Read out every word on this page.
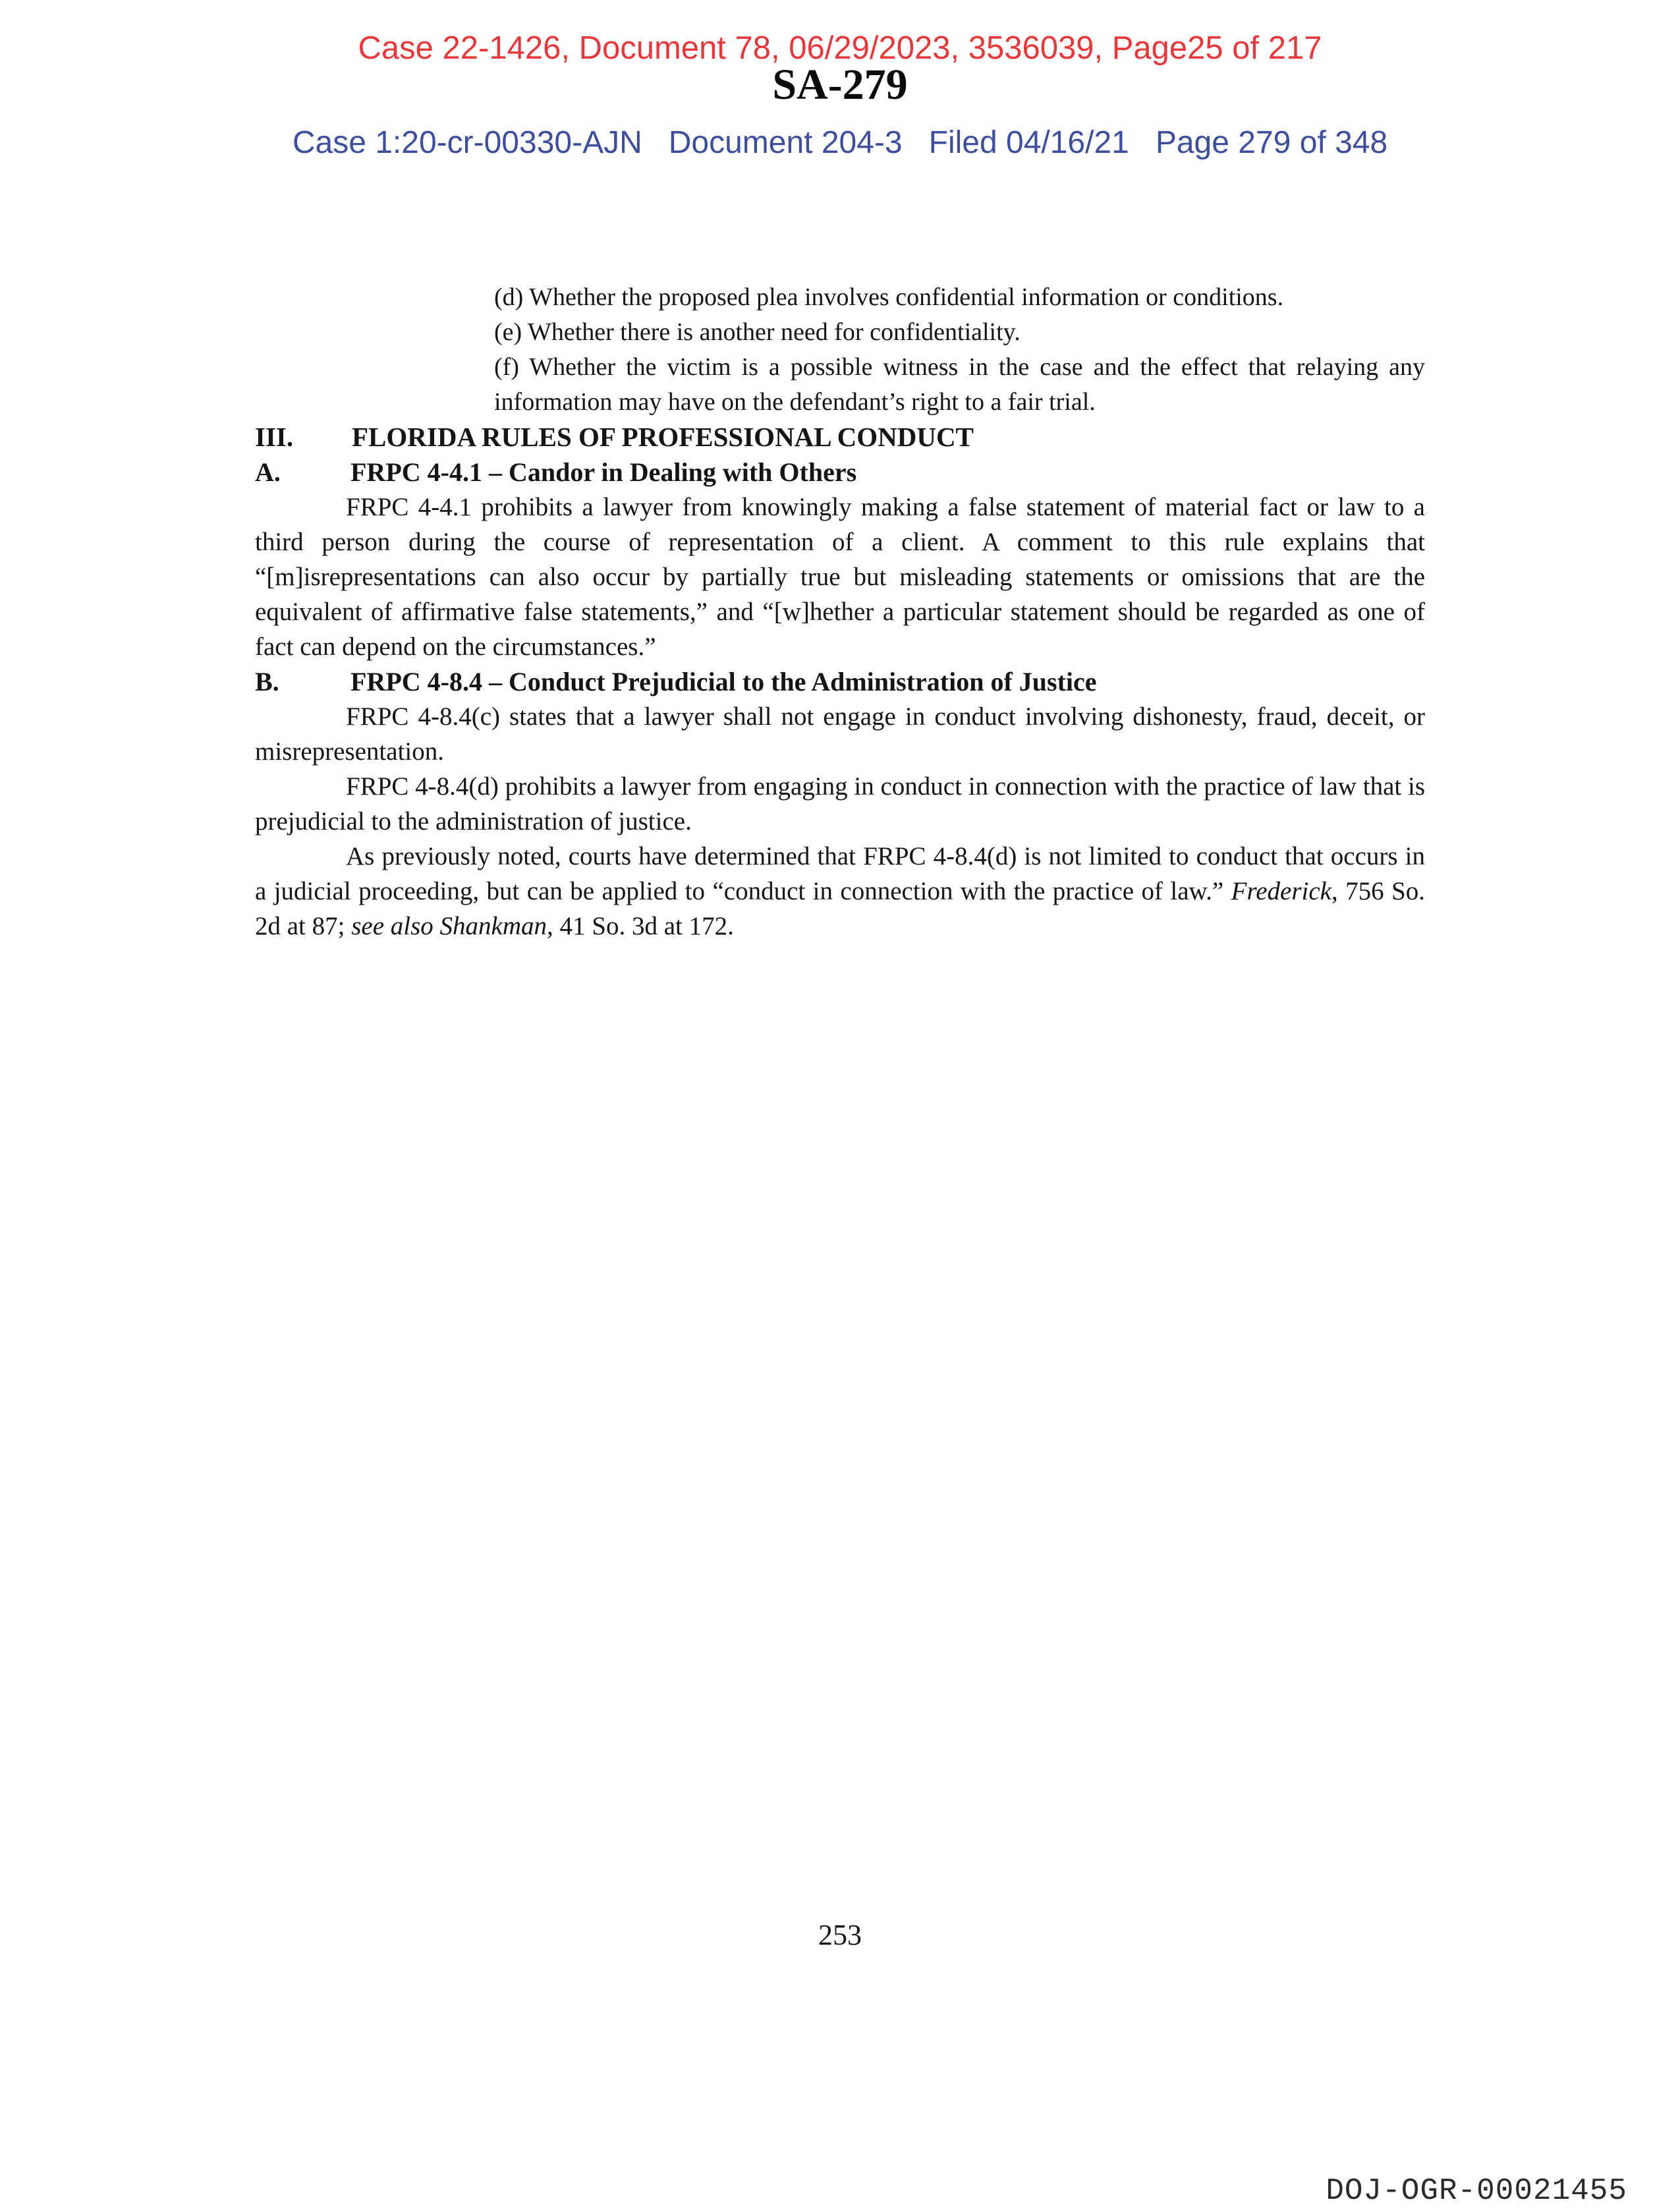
Case 22-1426, Document 78, 06/29/2023, 3536039, Page25 of 217
SA-279
Case 1:20-cr-00330-AJN Document 204-3 Filed 04/16/21 Page 279 of 348

(d) Whether the proposed plea involves confidential information or conditions.

(e) Whether there is another need for confidentiality.

(f) Whether the victim is a possible witness in the case and the effect that relaying any information may have on the defendant’s right to a fair trial.

III. FLORIDA RULES OF PROFESSIONAL CONDUCT
A.	FRPC 4-4.1 – Candor in Dealing with Others

FRPC 4-4.1 prohibits a lawyer from knowingly making a false statement of material fact or law to a third person during the course of representation of a client. A comment to this rule explains that “[m]isrepresentations can also occur by partially true but misleading statements or omissions that are the equivalent of affirmative false statements,” and “[w]hether a particular statement should be regarded as one of fact can depend on the circumstances.”

B.	FRPC 4-8.4 – Conduct Prejudicial to the Administration of Justice

FRPC 4-8.4(c) states that a lawyer shall not engage in conduct involving dishonesty, fraud, deceit, or misrepresentation.

FRPC 4-8.4(d) prohibits a lawyer from engaging in conduct in connection with the practice of law that is prejudicial to the administration of justice.

As previously noted, courts have determined that FRPC 4-8.4(d) is not limited to conduct that occurs in a judicial proceeding, but can be applied to “conduct in connection with the practice of law.” Frederick, 756 So. 2d at 87; see also Shankman, 41 So. 3d at 172.

253
DOJ-OGR-00021455
